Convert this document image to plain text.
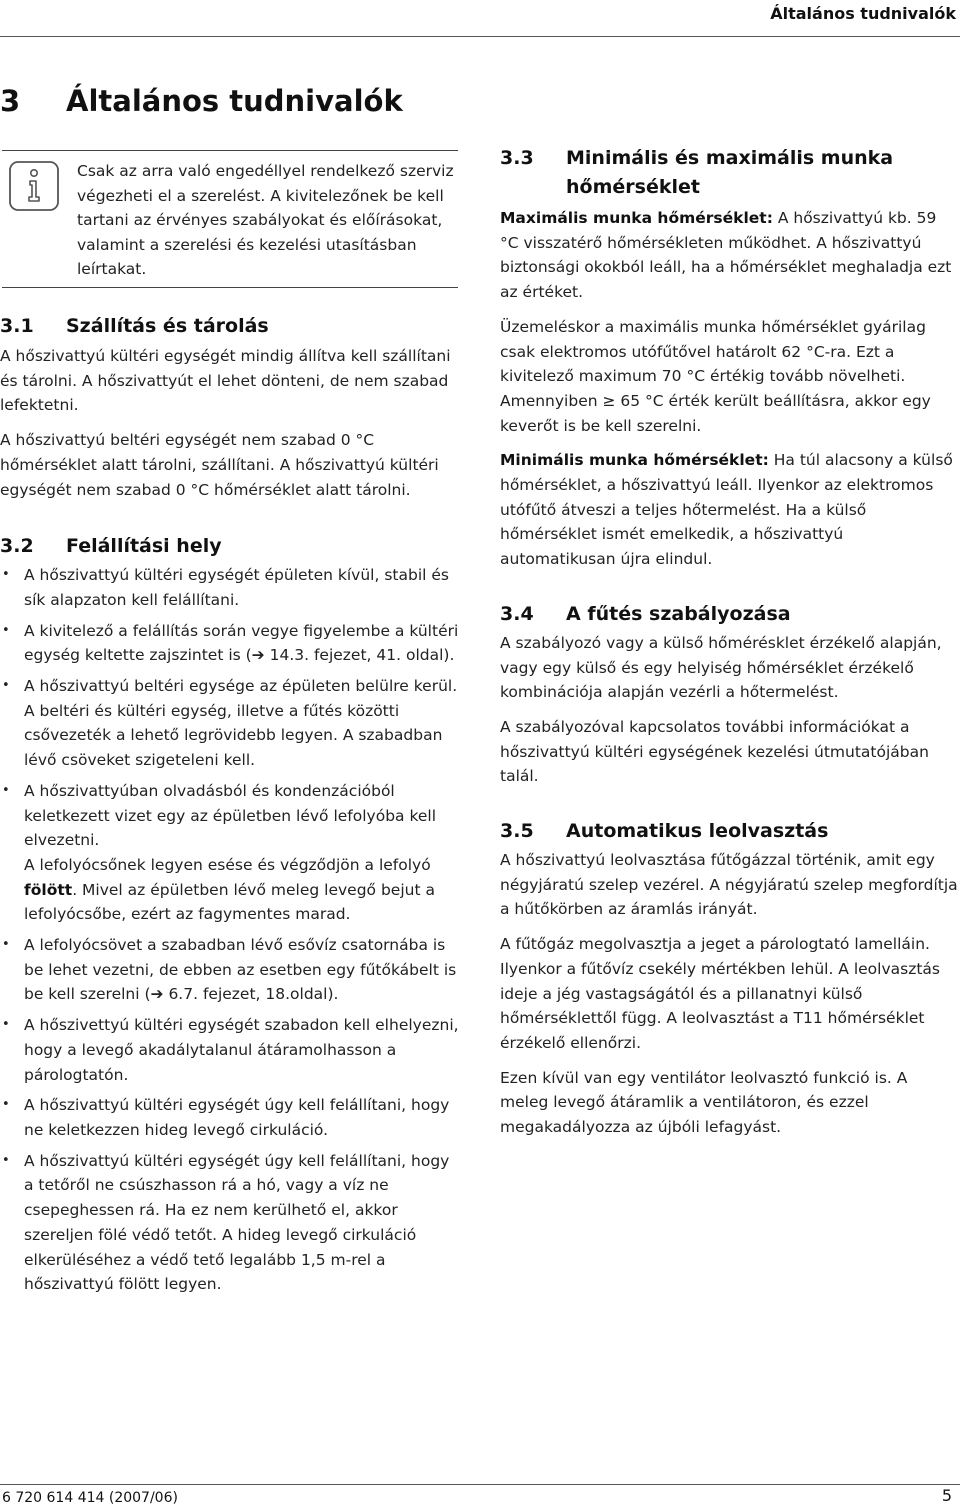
Általános tudnivalók
3 Általános tudnivalók
Csak az arra való engedéllyel rendelkező szerviz végezheti el a szerelést. A kivitelezőnek be kell tartani az érvényes szabályokat és előírásokat, valamint a szerelési és kezelési utasításban leírtakat.
3.1 Szállítás és tárolás

A hőszivattyú kültéri egységét mindig állítva kell szállítani és tárolni. A hőszivattyút el lehet dönteni, de nem szabad lefektetni.

A hőszivattyú beltéri egységét nem szabad 0 °C hőmérséklet alatt tárolni, szállítani. A hőszivattyú kültéri egységét nem szabad 0 °C hőmérséklet alatt tárolni.

3.2 Felállítási hely
• A hőszivattyú kültéri egységét épületen kívül, stabil és sík alapzaton kell felállítani.
• A kivitelező a felállítás során vegye figyelembe a kültéri egység keltette zajszintet is (➔ 14.3. fejezet, 41. oldal).
• A hőszivattyú beltéri egysége az épületen belülre kerül. A beltéri és kültéri egység, illetve a fűtés közötti csővezeték a lehető legrövidebb legyen. A szabadban lévő csöveket szigeteleni kell.
• A hőszivattyúban olvadásból és kondenzációból keletkezett vizet egy az épületben lévő lefolyóba kell elvezetni.
A lefolyócsőnek legyen esése és végződjön a lefolyó fölött. Mivel az épületben lévő meleg levegő bejut a lefolyócsőbe, ezért az fagymentes marad.
• A lefolyócsövet a szabadban lévő esővíz csatornába is be lehet vezetni, de ebben az esetben egy fűtőkábelt is be kell szerelni (➔ 6.7. fejezet, 18.oldal).
• A hőszivettyú kültéri egységét szabadon kell elhelyezni, hogy a levegő akadálytalanul átáramolhasson a párologtatón.
• A hőszivattyú kültéri egységét úgy kell felállítani, hogy ne keletkezzen hideg levegő cirkuláció.
• A hőszivattyú kültéri egységét úgy kell felállítani, hogy a tetőről ne csúszhasson rá a hó, vagy a víz ne csepeghessen rá. Ha ez nem kerülhető el, akkor szereljen fölé védő tetőt. A hideg levegő cirkuláció elkerüléséhez a védő tető legalább 1,5 m-rel a hőszivattyú fölött legyen.
3.3	Minimális és maximális munka hőmérséklet

Maximális munka hőmérséklet: A hőszivattyú kb. 59 °C visszatérő hőmérsékleten működhet. A hőszivattyú biztonsági okokból leáll, ha a hőmérséklet meghaladja ezt az értéket.

Üzemeléskor a maximális munka hőmérséklet gyárilag csak elektromos utófűtővel határolt 62 °C-ra. Ezt a kivitelező maximum 70 °C értékig tovább növelheti. Amennyiben ≥ 65 °C érték került beállításra, akkor egy keverőt is be kell szerelni.

Minimális munka hőmérséklet: Ha túl alacsony a külső hőmérséklet, a hőszivattyú leáll. Ilyenkor az elektromos utófűtő átveszi a teljes hőtermelést. Ha a külső hőmérséklet ismét emelkedik, a hőszivattyú automatikusan újra elindul.

3.4 A fűtés szabályozása

A szabályozó vagy a külső hőmérésklet érzékelő alapján, vagy egy külső és egy helyiség hőmérséklet érzékelő kombinációja alapján vezérli a hőtermelést.

A szabályozóval kapcsolatos további információkat a hőszivattyú kültéri egységének kezelési útmutatójában talál.

3.5 Automatikus leolvasztás

A hőszivattyú leolvasztása fűtőgázzal történik, amit egy négyjáratú szelep vezérel. A négyjáratú szelep megfordítja a hűtőkörben az áramlás irányát.

A fűtőgáz megolvasztja a jeget a párologtató lamelláin. Ilyenkor a fűtővíz csekély mértékben lehül. A leolvasztás ideje a jég vastagságától és a pillanatnyi külső hőmérséklettől függ. A leolvasztást a T11 hőmérséklet érzékelő ellenőrzi.

Ezen kívül van egy ventilátor leolvasztó funkció is. A meleg levegő átáramlik a ventilátoron, és ezzel megakadályozza az újbóli lefagyást.

6 720 614 414 (2007/06)	5
